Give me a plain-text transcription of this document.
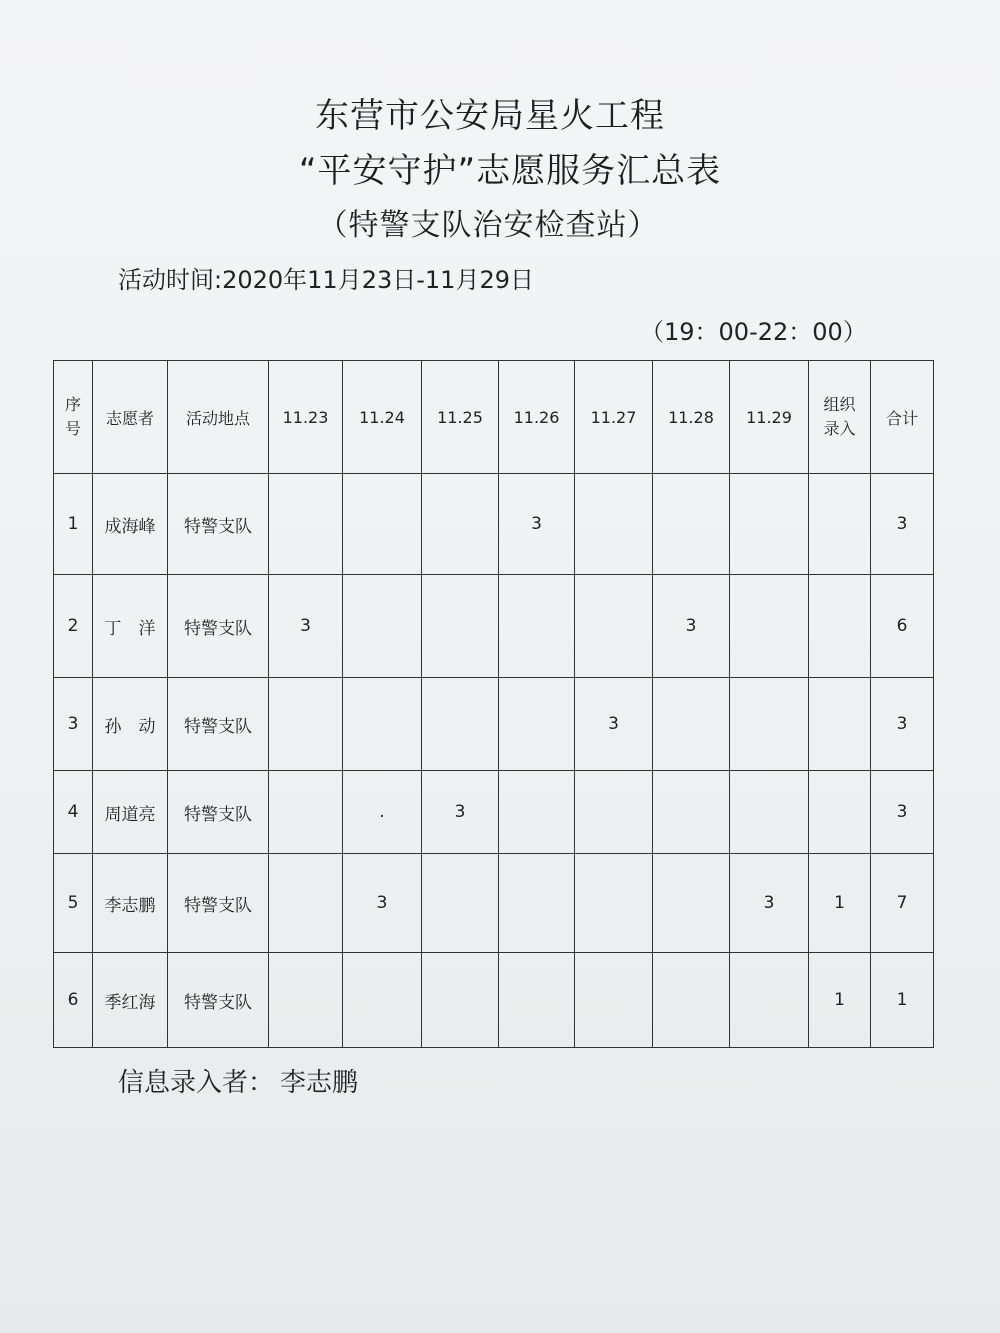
东营市公安局星火工程
“平安守护”志愿服务汇总表
（特警支队治安检查站）
活动时间:2020年11月23日-11月29日
（19：00-22：00）
序号	志愿者	活动地点	11.23	11.24	11.25	11.26	11.27	11.28	11.29	组织录入	合计
1	成海峰	特警支队				3					3
2	丁　洋	特警支队	3					3			6
3	孙　动	特警支队					3				3
4	周道亮	特警支队		.	3						3
5	李志鹏	特警支队		3					3	1	7
6	季红海	特警支队								1	1
信息录入者： 李志鹏
